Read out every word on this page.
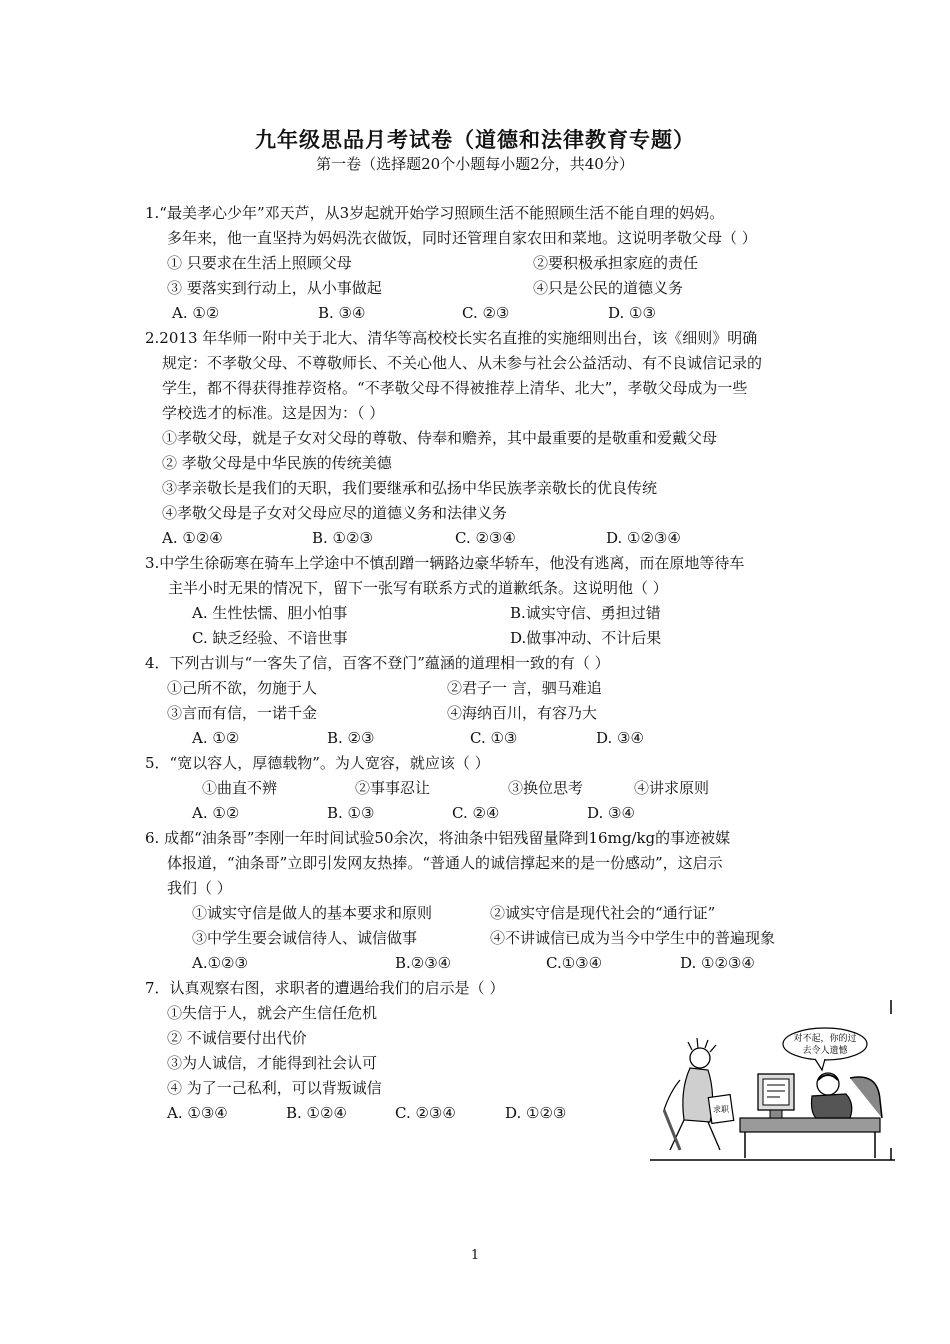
九年级思品月考试卷（道德和法律教育专题）
第一卷（选择题20个小题每小题2分，共40分）
1.“最美孝心少年”邓天芦，从3岁起就开始学习照顾生活不能照顾生活不能自理的妈妈。
多年来，他一直坚持为妈妈洗衣做饭，同时还管理自家农田和菜地。这说明孝敬父母（ ）
① 只要求在生活上照顾父母	②要积极承担家庭的责任
③ 要落实到行动上，从小事做起	④只是公民的道德义务
A. ①②	B. ③④	C. ②③	D. ①③
2.2013 年华师一附中关于北大、清华等高校校长实名直推的实施细则出台，该《细则》明确
规定：不孝敬父母、不尊敬师长、不关心他人、从未参与社会公益活动、有不良诚信记录的
学生，都不得获得推荐资格。“不孝敬父母不得被推荐上清华、北大”，孝敬父母成为一些
学校选才的标准。这是因为：（ ）
①孝敬父母，就是子女对父母的尊敬、侍奉和赡养，其中最重要的是敬重和爱戴父母
② 孝敬父母是中华民族的传统美德
③孝亲敬长是我们的天职，我们要继承和弘扬中华民族孝亲敬长的优良传统
④孝敬父母是子女对父母应尽的道德义务和法律义务
A. ①②④	B. ①②③	C. ②③④	D. ①②③④
3.中学生徐砺寒在骑车上学途中不慎刮蹭一辆路边豪华轿车，他没有逃离，而在原地等待车
主半小时无果的情况下，留下一张写有联系方式的道歉纸条。这说明他（ ）
A. 生性怯懦、胆小怕事	B.诚实守信、勇担过错
C. 缺乏经验、不谙世事	D.做事冲动、不计后果
4．下列古训与“一客失了信，百客不登门”蕴涵的道理相一致的有（ ）
①己所不欲，勿施于人	②君子一 言，驷马难追
③言而有信，一诺千金	④海纳百川，有容乃大
A. ①②	B. ②③	C. ①③	D. ③④
5．“宽以容人，厚德载物”。为人宽容，就应该（ ）
①曲直不辨	②事事忍让	③换位思考	④讲求原则
A. ①②	B. ①③	C. ②④	D. ③④
6. 成都“油条哥”李刚一年时间试验50余次，将油条中铝残留量降到16mg/kg的事迹被媒
体报道，“油条哥”立即引发网友热捧。“普通人的诚信撑起来的是一份感动”，这启示
我们（ ）
①诚实守信是做人的基本要求和原则	②诚实守信是现代社会的“通行证”
③中学生要会诚信待人、诚信做事	④不讲诚信已成为当今中学生中的普遍现象
A.①②③	B.②③④	C.①③④	D. ①②③④
7．认真观察右图，求职者的遭遇给我们的启示是（ ）
①失信于人，就会产生信任危机
② 不诚信要付出代价
③为人诚信，才能得到社会认可
④ 为了一己私利，可以背叛诚信
A. ①③④	B. ①②④	C. ②③④	D. ①②③
对不起，你的过
去令人遗憾
求职
1
